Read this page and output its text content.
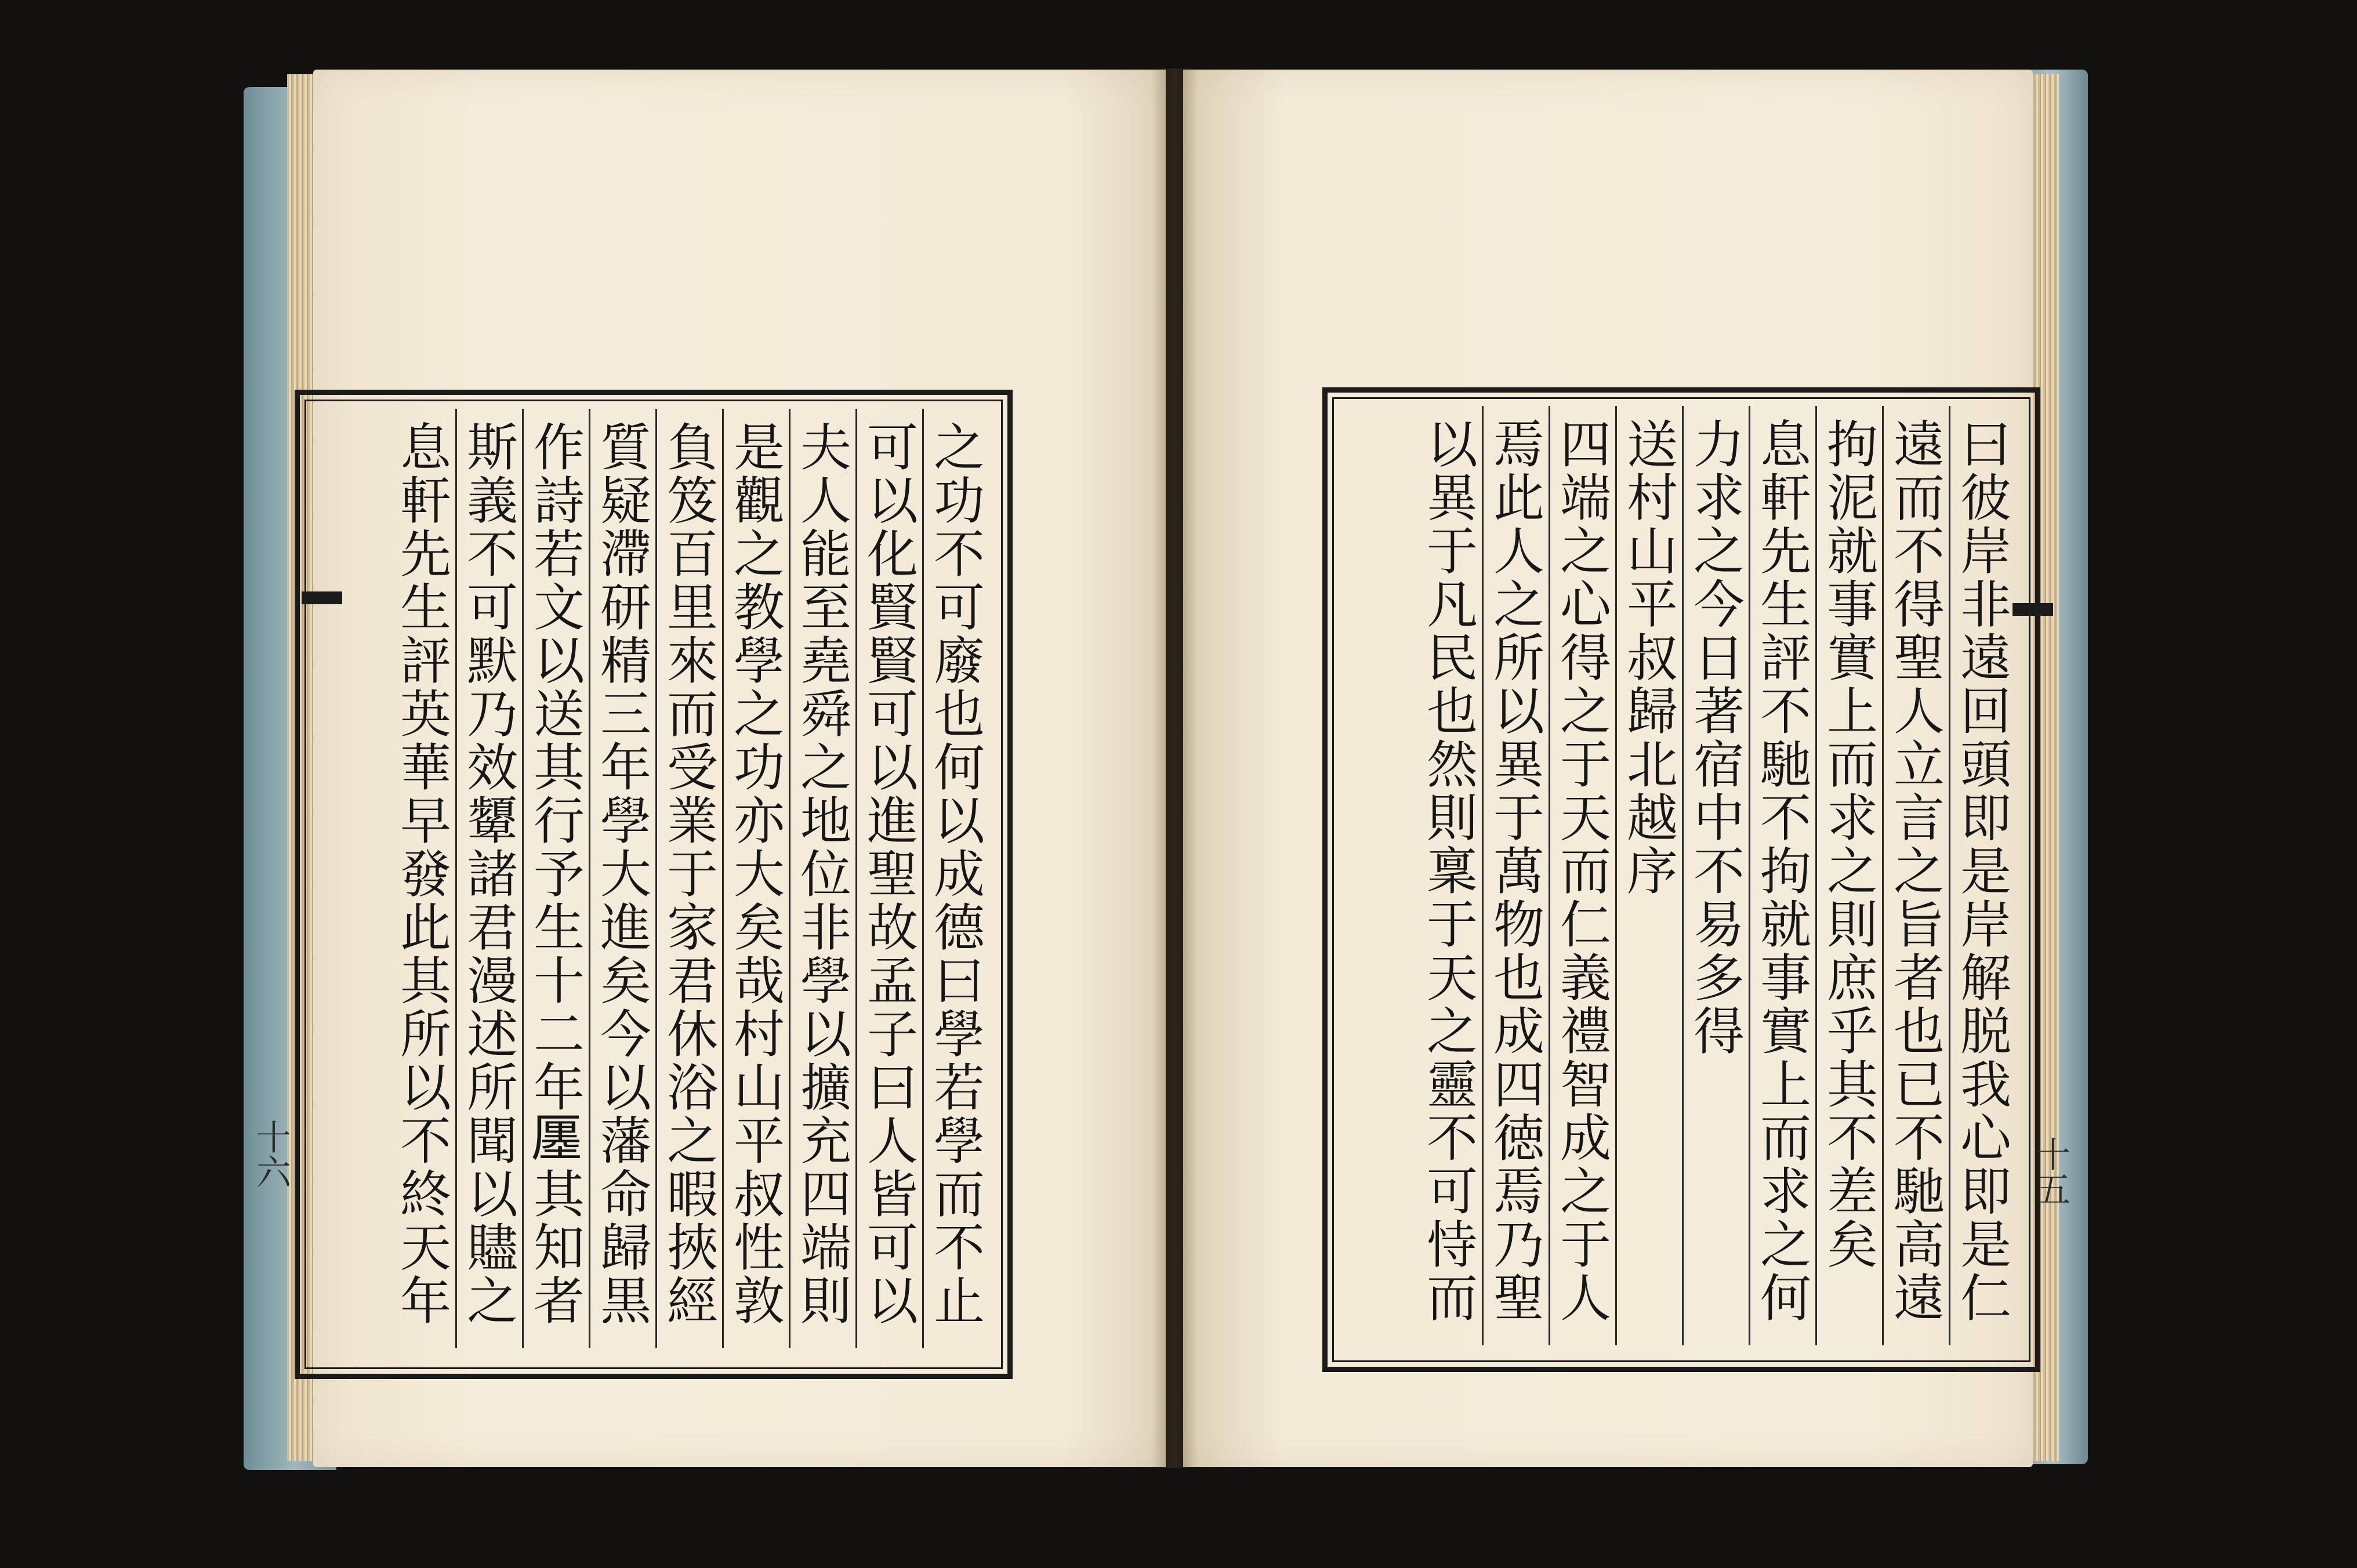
十六	十五
之功不可廢也何以成德曰學若學而不止
可以化賢賢可以進聖故孟子曰人皆可以
夫人能至堯舜之地位非學以擴充四端則
是觀之教學之功亦大矣哉村山平叔性敦
負笈百里來而受業于家君休浴之暇挾經
質疑滯研精三年學大進矣今以藩命歸黒
作詩若文以送其行予生十二年𠪨其知者
斯義不可默乃效顰諸君漫述所聞以贐之
息軒先生評英華早發此其所以不終天年
曰彼岸非遠回頭即是岸解脱我心即是仁
遠而不得聖人立言之旨者也已不馳高遠
拘泥就事實上而求之則庶乎其不差矣
息軒先生評不馳不拘就事實上而求之何
力求之今日著宿中不易多得
送村山平叔歸北越序
四端之心得之于天而仁義禮智成之于人
焉此人之所以異于萬物也成四徳焉乃聖
以異于凡民也然則稟于天之靈不可恃而
